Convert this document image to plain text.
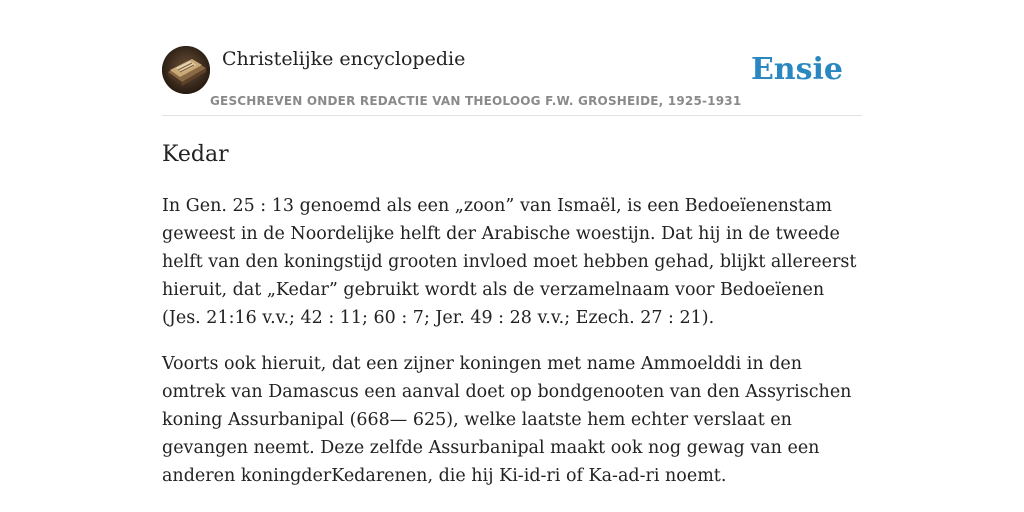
Christelijke encyclopedie
GESCHREVEN ONDER REDACTIE VAN THEOLOOG F.W. GROSHEIDE, 1925-1931
Ensie
Kedar

In Gen. 25 : 13 genoemd als een „zoon” van Ismaël, is een Bedoeïenenstam geweest in de Noordelijke helft der Arabische woestijn. Dat hij in de tweede helft van den koningstijd grooten invloed moet hebben gehad, blijkt allereerst hieruit, dat „Kedar” gebruikt wordt als de verzamelnaam voor Bedoeïenen (Jes. 21:16 v.v.; 42 : 11; 60 : 7; Jer. 49 : 28 v.v.; Ezech. 27 : 21).

Voorts ook hieruit, dat een zijner koningen met name Ammoelddi in den omtrek van Damascus een aanval doet op bondgenooten van den Assyrischen koning Assurbanipal (668— 625), welke laatste hem echter verslaat en gevangen neemt. Deze zelfde Assurbanipal maakt ook nog gewag van een anderen koningderKedarenen, die hij Ki-id-ri of Ka-ad-ri noemt.
